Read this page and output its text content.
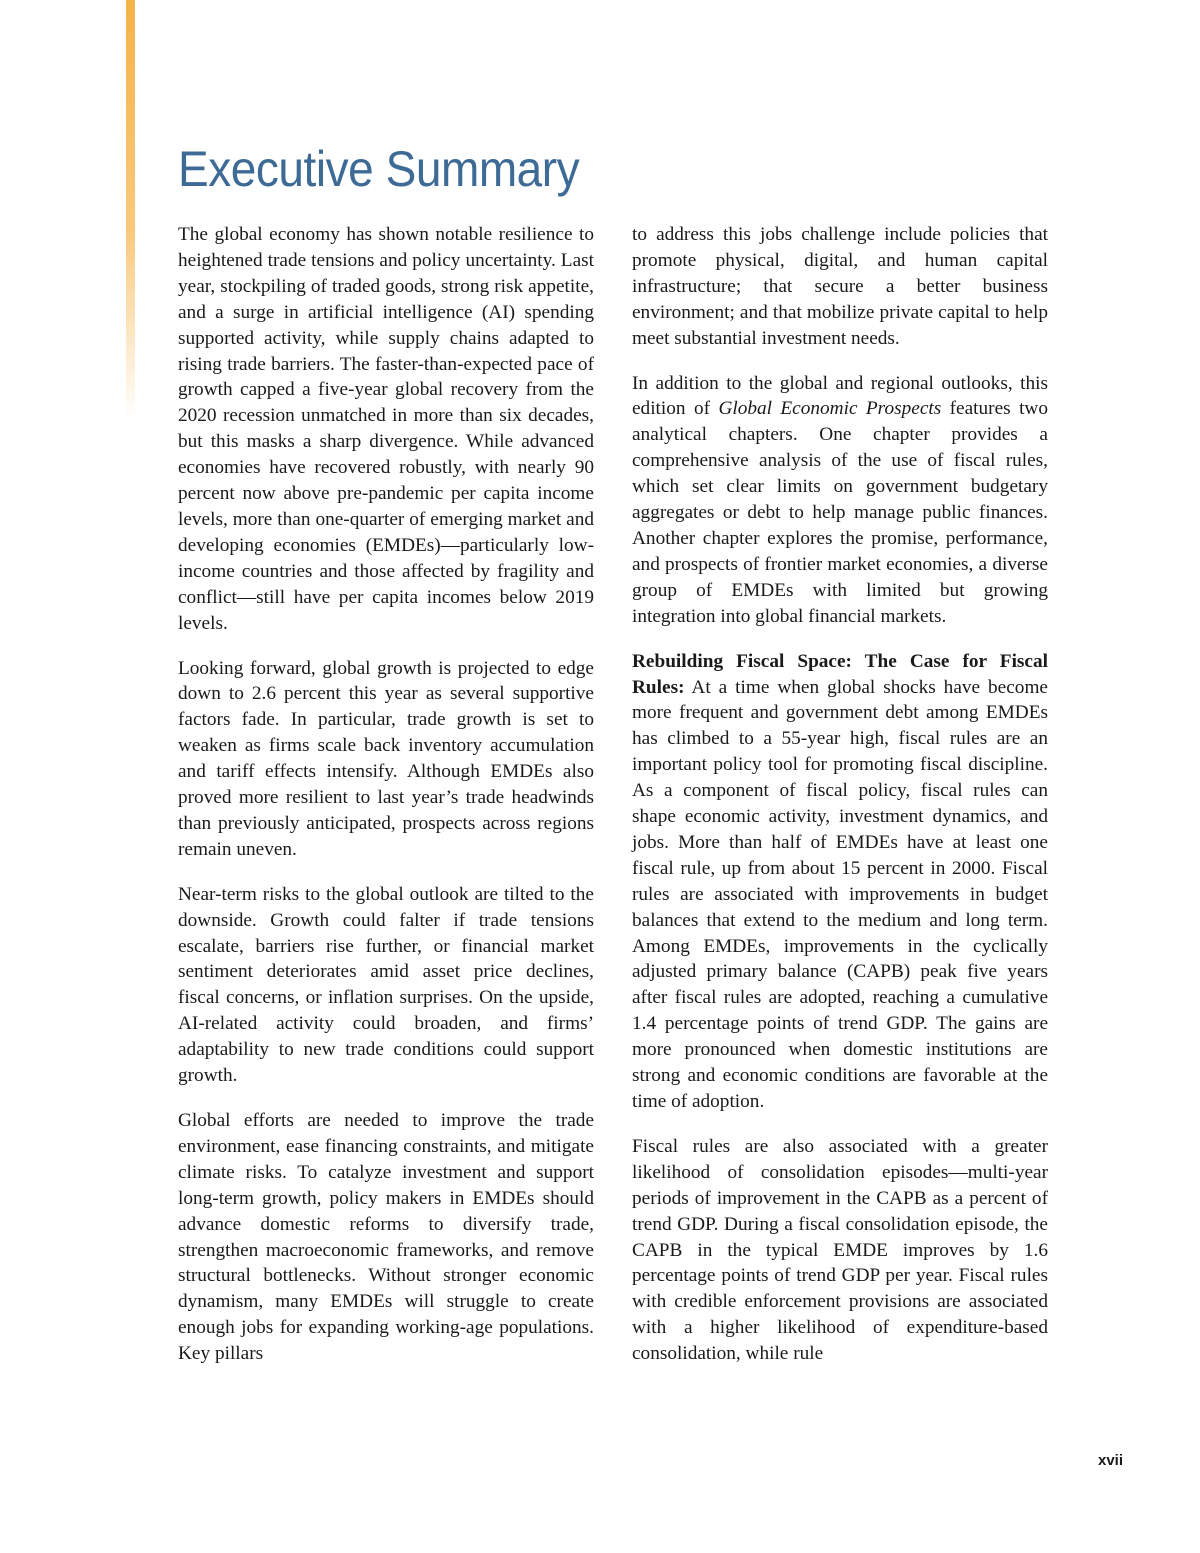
Executive Summary

The global economy has shown notable resilience to heightened trade tensions and policy uncertainty. Last year, stockpiling of traded goods, strong risk appetite, and a surge in artificial intelligence (AI) spending supported activity, while supply chains adapted to rising trade barriers. The faster-than-expected pace of growth capped a five-year global recovery from the 2020 recession unmatched in more than six decades, but this masks a sharp divergence. While advanced economies have recovered robustly, with nearly 90 percent now above pre-pandemic per capita income levels, more than one-quarter of emerging market and developing economies (EMDEs)—particularly low-income countries and those affected by fragility and conflict—still have per capita incomes below 2019 levels.

Looking forward, global growth is projected to edge down to 2.6 percent this year as several supportive factors fade. In particular, trade growth is set to weaken as firms scale back inventory accumulation and tariff effects intensify. Although EMDEs also proved more resilient to last year’s trade headwinds than previously anticipated, prospects across regions remain uneven.

Near-term risks to the global outlook are tilted to the downside. Growth could falter if trade tensions escalate, barriers rise further, or financial market sentiment deteriorates amid asset price declines, fiscal concerns, or inflation surprises. On the upside, AI-related activity could broaden, and firms’ adaptability to new trade conditions could support growth.

Global efforts are needed to improve the trade environment, ease financing constraints, and mitigate climate risks. To catalyze investment and support long-term growth, policy makers in EMDEs should advance domestic reforms to diversify trade, strengthen macroeconomic frameworks, and remove structural bottlenecks. Without stronger economic dynamism, many EMDEs will struggle to create enough jobs for expanding working-age populations. Key pillars

to address this jobs challenge include policies that promote physical, digital, and human capital infrastructure; that secure a better business environment; and that mobilize private capital to help meet substantial investment needs.

In addition to the global and regional outlooks, this edition of Global Economic Prospects features two analytical chapters. One chapter provides a comprehensive analysis of the use of fiscal rules, which set clear limits on government budgetary aggregates or debt to help manage public finances. Another chapter explores the promise, performance, and prospects of frontier market economies, a diverse group of EMDEs with limited but growing integration into global financial markets.

Rebuilding Fiscal Space: The Case for Fiscal Rules: At a time when global shocks have become more frequent and government debt among EMDEs has climbed to a 55-year high, fiscal rules are an important policy tool for promoting fiscal discipline. As a component of fiscal policy, fiscal rules can shape economic activity, investment dynamics, and jobs. More than half of EMDEs have at least one fiscal rule, up from about 15 percent in 2000. Fiscal rules are associated with improvements in budget balances that extend to the medium and long term. Among EMDEs, improvements in the cyclically adjusted primary balance (CAPB) peak five years after fiscal rules are adopted, reaching a cumulative 1.4 percentage points of trend GDP. The gains are more pronounced when domestic institutions are strong and economic conditions are favorable at the time of adoption.

Fiscal rules are also associated with a greater likelihood of consolidation episodes—multi-year periods of improvement in the CAPB as a percent of trend GDP. During a fiscal consolidation episode, the CAPB in the typical EMDE improves by 1.6 percentage points of trend GDP per year. Fiscal rules with credible enforcement provisions are associated with a higher likelihood of expenditure-based consolidation, while rule

xvii
